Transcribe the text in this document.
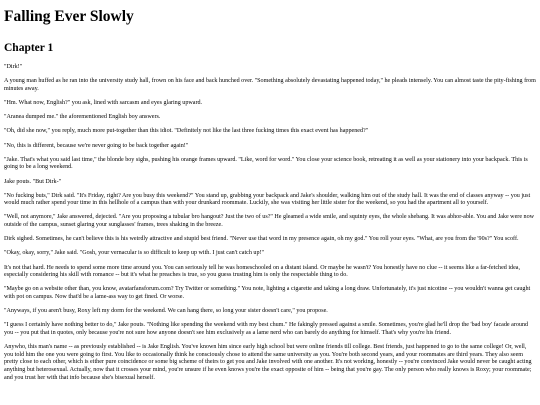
Falling Ever Slowly
Chapter 1

"Dirk!"

A young man huffed as he ran into the university study hall, frown on his face and back hunched over. "Something absolutely devastating happened today," he pleads intensely. You can almost taste the pity-fishing from minutes away.

"Hm. What now, English?" you ask, lined with sarcasm and eyes glaring upward.

"Aranea dumped me." the aforementioned English boy answers.

"Oh, did she now," you reply, much more put-together than this idiot. "Definitely not like the last three fucking times this exact event has happened?"

"No, this is different, because we're never going to be back together again!"

"Jake. That's what you said last time," the blonde boy sighs, pushing his orange frames upward. "Like, word for word." You close your science book, retreating it as well as your stationery into your backpack. This is going to be a long weekend.

Jake pouts. "But Dirk-"

"No fucking buts," Dirk said. "It's Friday, right? Are you busy this weekend?" You stand up, grabbing your backpack and Jake's shoulder, walking him out of the study hall. It was the end of classes anyway -- you just would much rather spend your time in this hellhole of a campus than with your drunkard roommate. Luckily, she was visiting her little sister for the weekend, so you had the apartment all to yourself.

"Well, not anymore," Jake answered, dejected. "Are you proposing a tubular bro hangout? Just the two of us?" He gleamed a wide smile, and squinty eyes, the whole shebang. It was abhor-able. You and Jake were now outside of the campus, sunset glaring your sunglasses' frames, trees shaking in the breeze.

Dirk sighed. Sometimes, he can't believe this is his weirdly attractive and stupid best friend. "Never use that word in my presence again, oh my god." You roll your eyes. "What, are you from the '90s?" You scoff.

"Okay, okay, sorry," Jake said. "Gosh, your vernacular is so difficult to keep up with. I just can't catch up!"

It's not that hard. He needs to spend some more time around you. You can seriously tell he was homeschooled on a distant island. Or maybe he wasn't? You honestly have no clue -- it seems like a far-fetched idea, especially considering his skill with romance -- but it's what he preaches is true, so you guess trusting him is only the respectable thing to do.

"Maybe go on a website other than, you know, avatarfansforum.com? Try Twitter or something." You note, lighting a cigarette and taking a long draw. Unfortunately, it's just nicotine -- you wouldn't wanna get caught with pot on campus. Now that'd be a lame-ass way to get fined. Or worse.

"Anyways, if you aren't busy, Roxy left my dorm for the weekend. We can hang there, so long your sister doesn't care," you propose.

"I guess I certainly have nothing better to do," Jake pouts. "Nothing like spending the weekend with my best chum." He fakingly pressed against a smile. Sometimes, you're glad he'll drop the 'bad boy' facade around you -- you put that in quotes, only because you're not sure how anyone doesn't see him exclusively as a lame nerd who can barely do anything for himself. That's why you're his friend.

Anywho, this man's name -- as previously established -- is Jake English. You've known him since early high school but were online friends till college. Best friends, just happened to go to the same college! Or, well, you told him the one you were going to first. You like to occasionally think he consciously chose to attend the same university as you. You're both second years, and your roommates are third years. They also seem pretty close to each other, which is either pure coincidence or some big scheme of theirs to get you and Jake involved with one another. It's not working, honestly -- you're convinced Jake would never be caught acting anything but heterosexual. Actually, now that it crosses your mind, you're unsure if he even knows you're the exact opposite of him -- being that you're gay. The only person who really knows is Roxy; your roommate; and you trust her with that info because she's bisexual herself.
